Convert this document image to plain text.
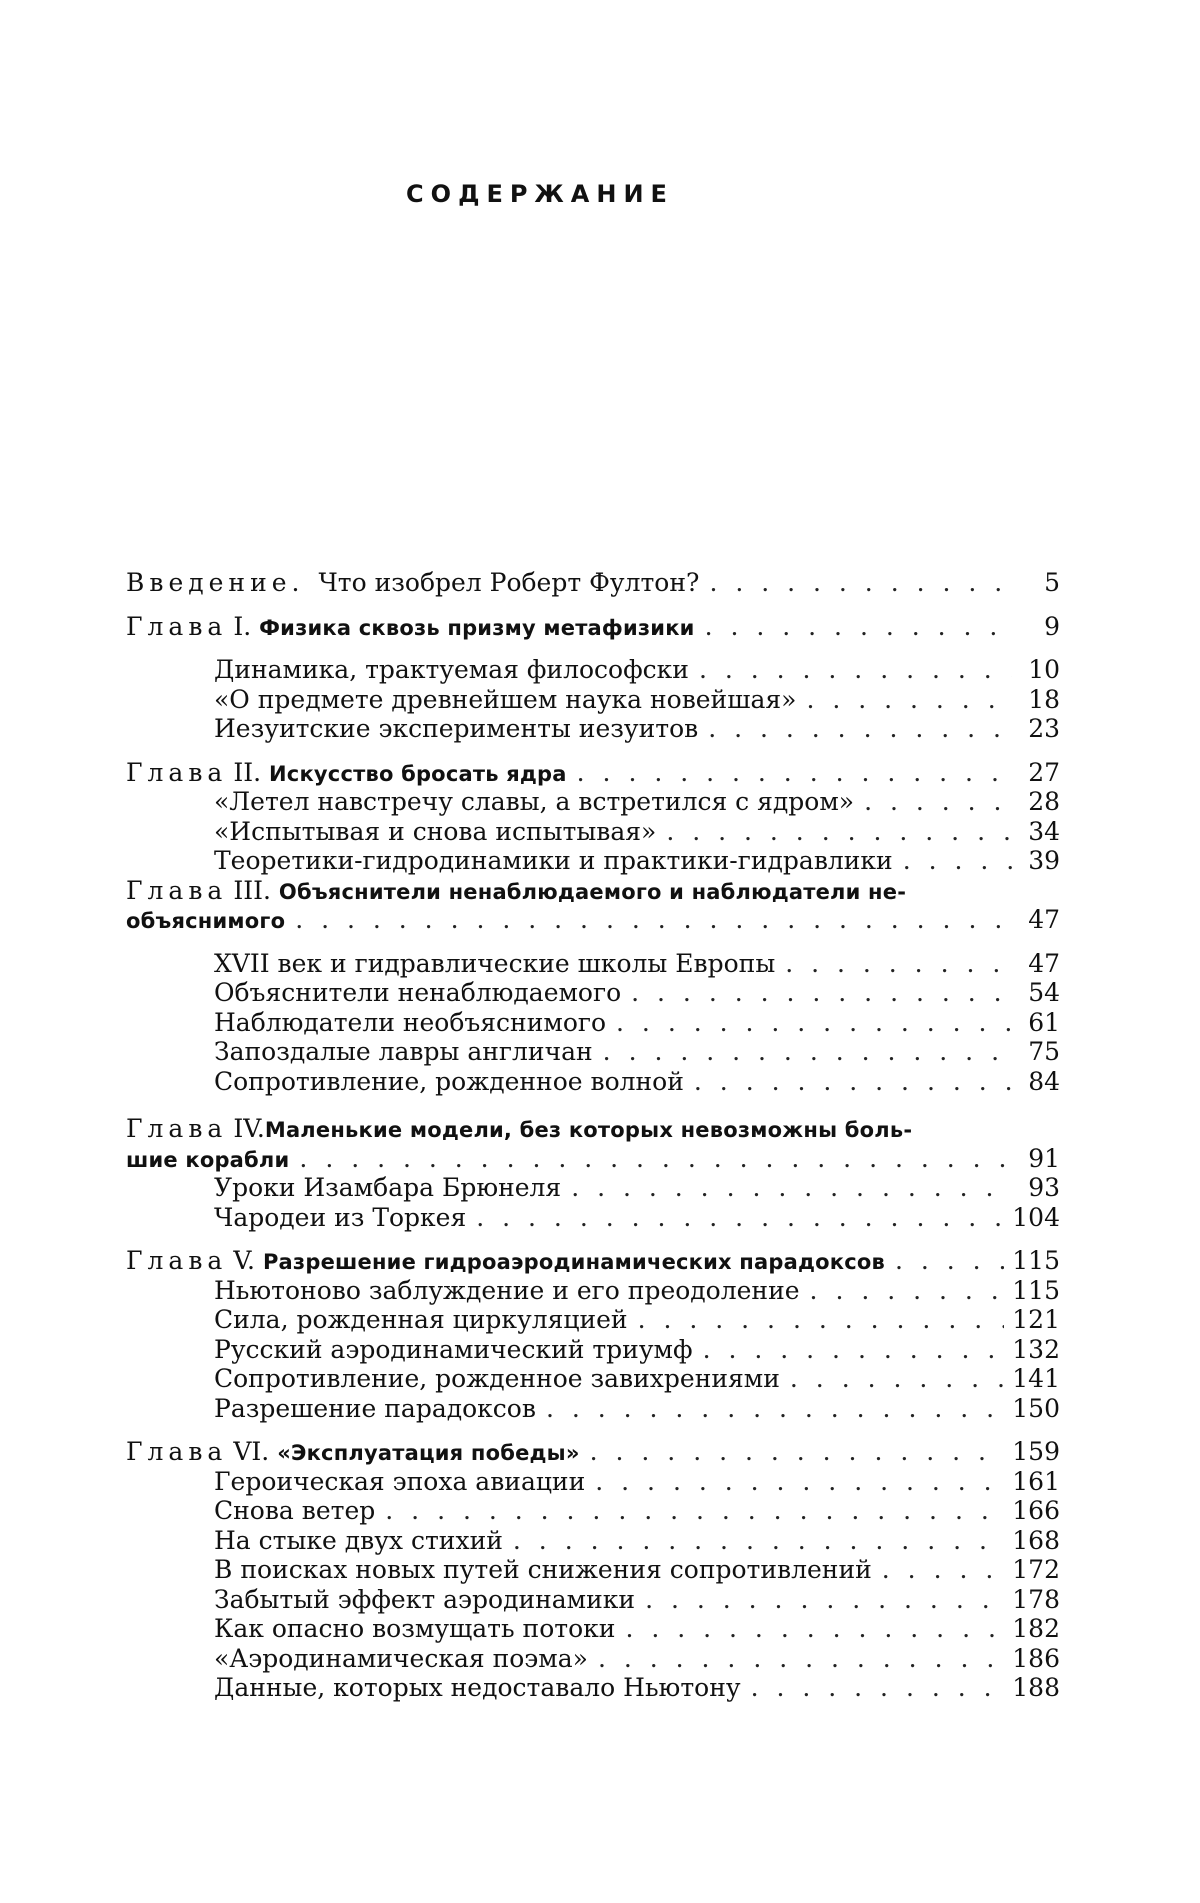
СОДЕРЖАНИЕ
Введение. Что изобрел Роберт Фултон? . . .	5
Глава I. Физика сквозь призму метафизики . . .	9
Динамика, трактуемая философски . . .	10
«О предмете древнейшем наука новейшая» . . .	18
Иезуитские эксперименты иезуитов . . .	23
Глава II. Искусство бросать ядра . . .	27
«Летел навстречу славы, а встретился с ядром» . . .	28
«Испытывая и снова испытывая» . . .	34
Теоретики-гидродинамики и практики-гидравлики . . .	39
Глава III. Объяснители ненаблюдаемого и наблюдатели не-
объяснимого . . .	47
XVII век и гидравлические школы Европы . . .	47
Объяснители ненаблюдаемого . . .	54
Наблюдатели необъяснимого . . .	61
Запоздалые лавры англичан . . .	75
Сопротивление, рожденное волной . . .	84
Глава IV.Маленькие модели, без которых невозможны боль-
шие корабли . . .	91
Уроки Изамбара Брюнеля . . .	93
Чародеи из Торкея . . .	104
Глава V. Разрешение гидроаэродинамических парадоксов . . .	115
Ньютоново заблуждение и его преодоление . . .	115
Сила, рожденная циркуляцией . . .	121
Русский аэродинамический триумф . . .	132
Сопротивление, рожденное завихрениями . . .	141
Разрешение парадоксов . . .	150
Глава VI. «Эксплуатация победы» . . .	159
Героическая эпоха авиации . . .	161
Снова ветер . . .	166
На стыке двух стихий . . .	168
В поисках новых путей снижения сопротивлений . . .	172
Забытый эффект аэродинамики . . .	178
Как опасно возмущать потоки . . .	182
«Аэродинамическая поэма» . . .	186
Данные, которых недоставало Ньютону . . .	188
